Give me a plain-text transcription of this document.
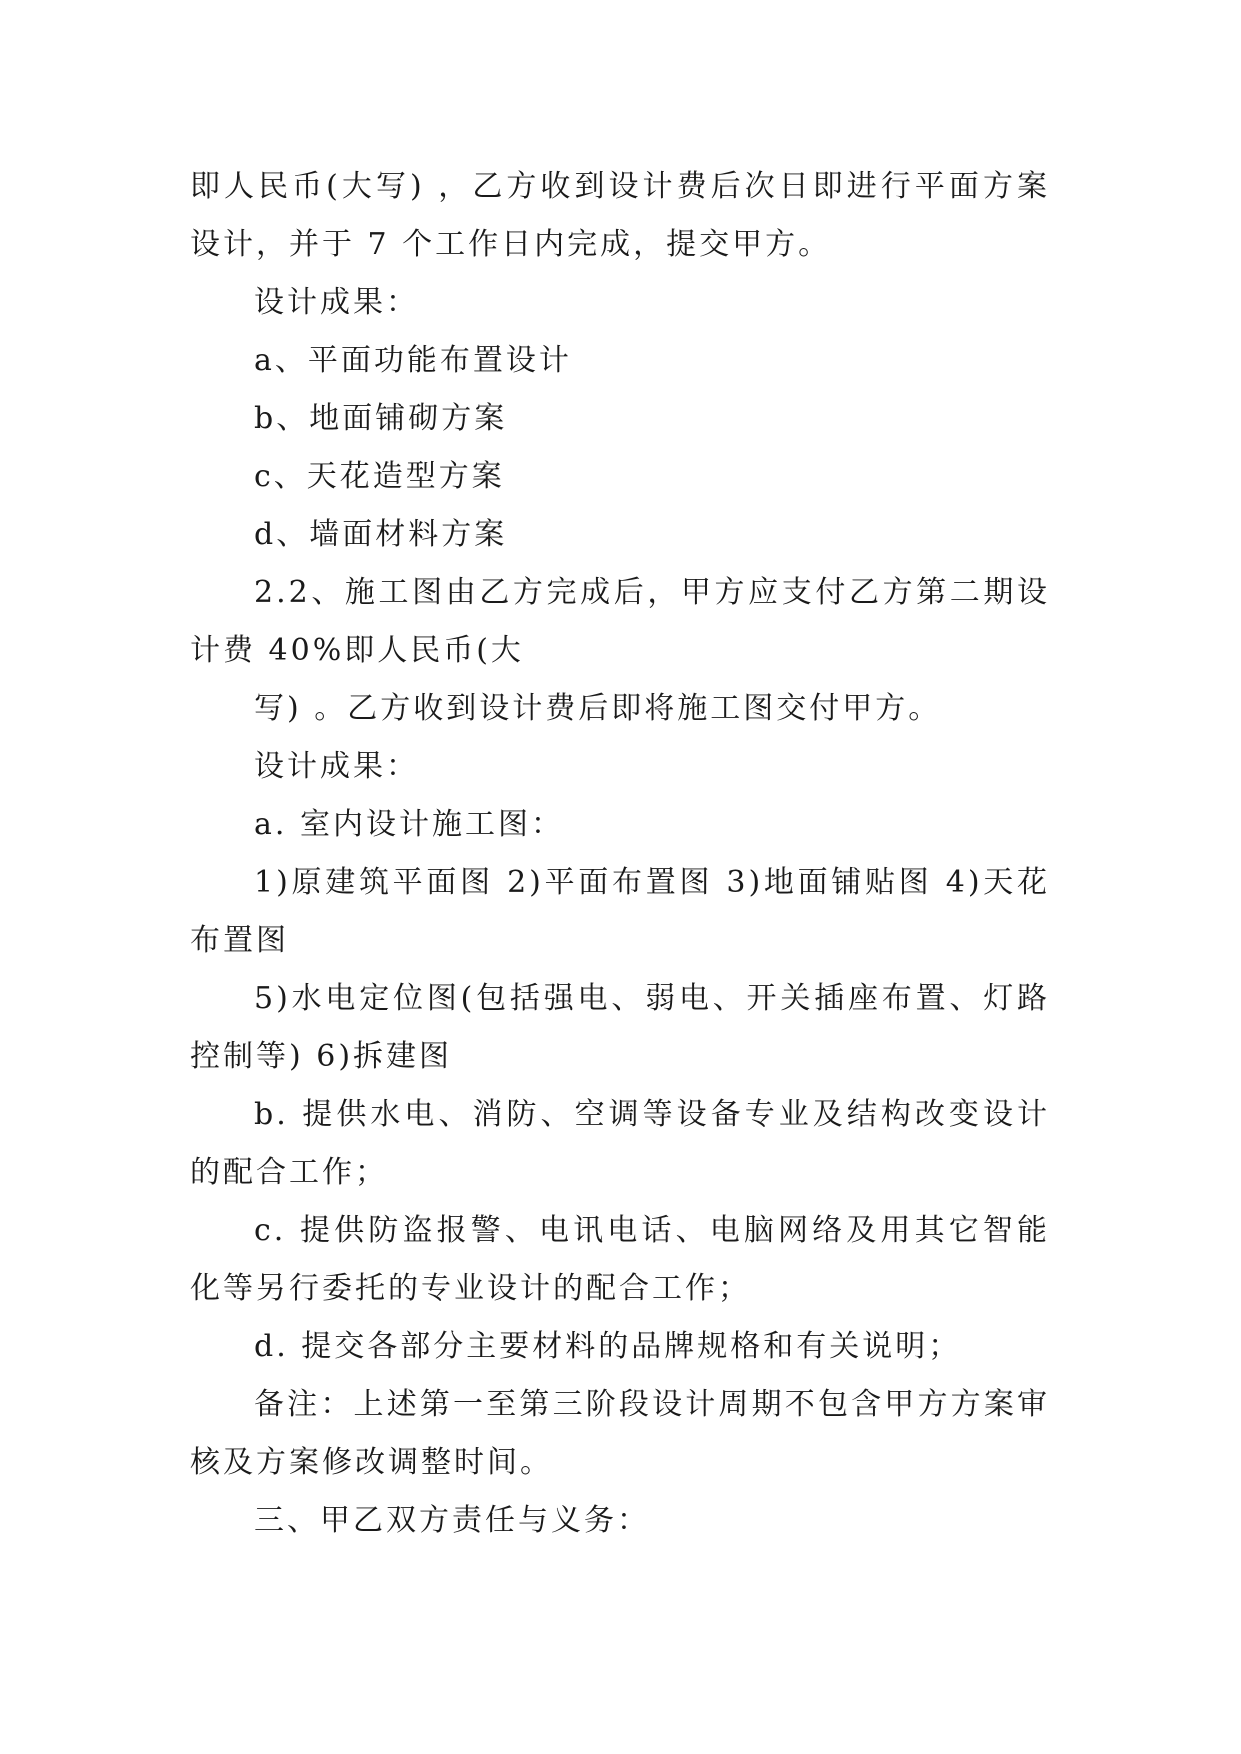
即人民币(大写) ，乙方收到设计费后次日即进行平面方案设计，并于 7 个工作日内完成，提交甲方。

设计成果：

a、平面功能布置设计

b、地面铺砌方案

c、天花造型方案

d、墙面材料方案

2.2、施工图由乙方完成后，甲方应支付乙方第二期设计费 40%即人民币(大

写) 。乙方收到设计费后即将施工图交付甲方。

设计成果：

a. 室内设计施工图：

1)原建筑平面图 2)平面布置图 3)地面铺贴图 4)天花布置图

5)水电定位图(包括强电、弱电、开关插座布置、灯路控制等) 6)拆建图

b. 提供水电、消防、空调等设备专业及结构改变设计的配合工作；

c. 提供防盗报警、电讯电话、电脑网络及用其它智能化等另行委托的专业设计的配合工作；

d. 提交各部分主要材料的品牌规格和有关说明；

备注：上述第一至第三阶段设计周期不包含甲方方案审核及方案修改调整时间。

三、甲乙双方责任与义务：
